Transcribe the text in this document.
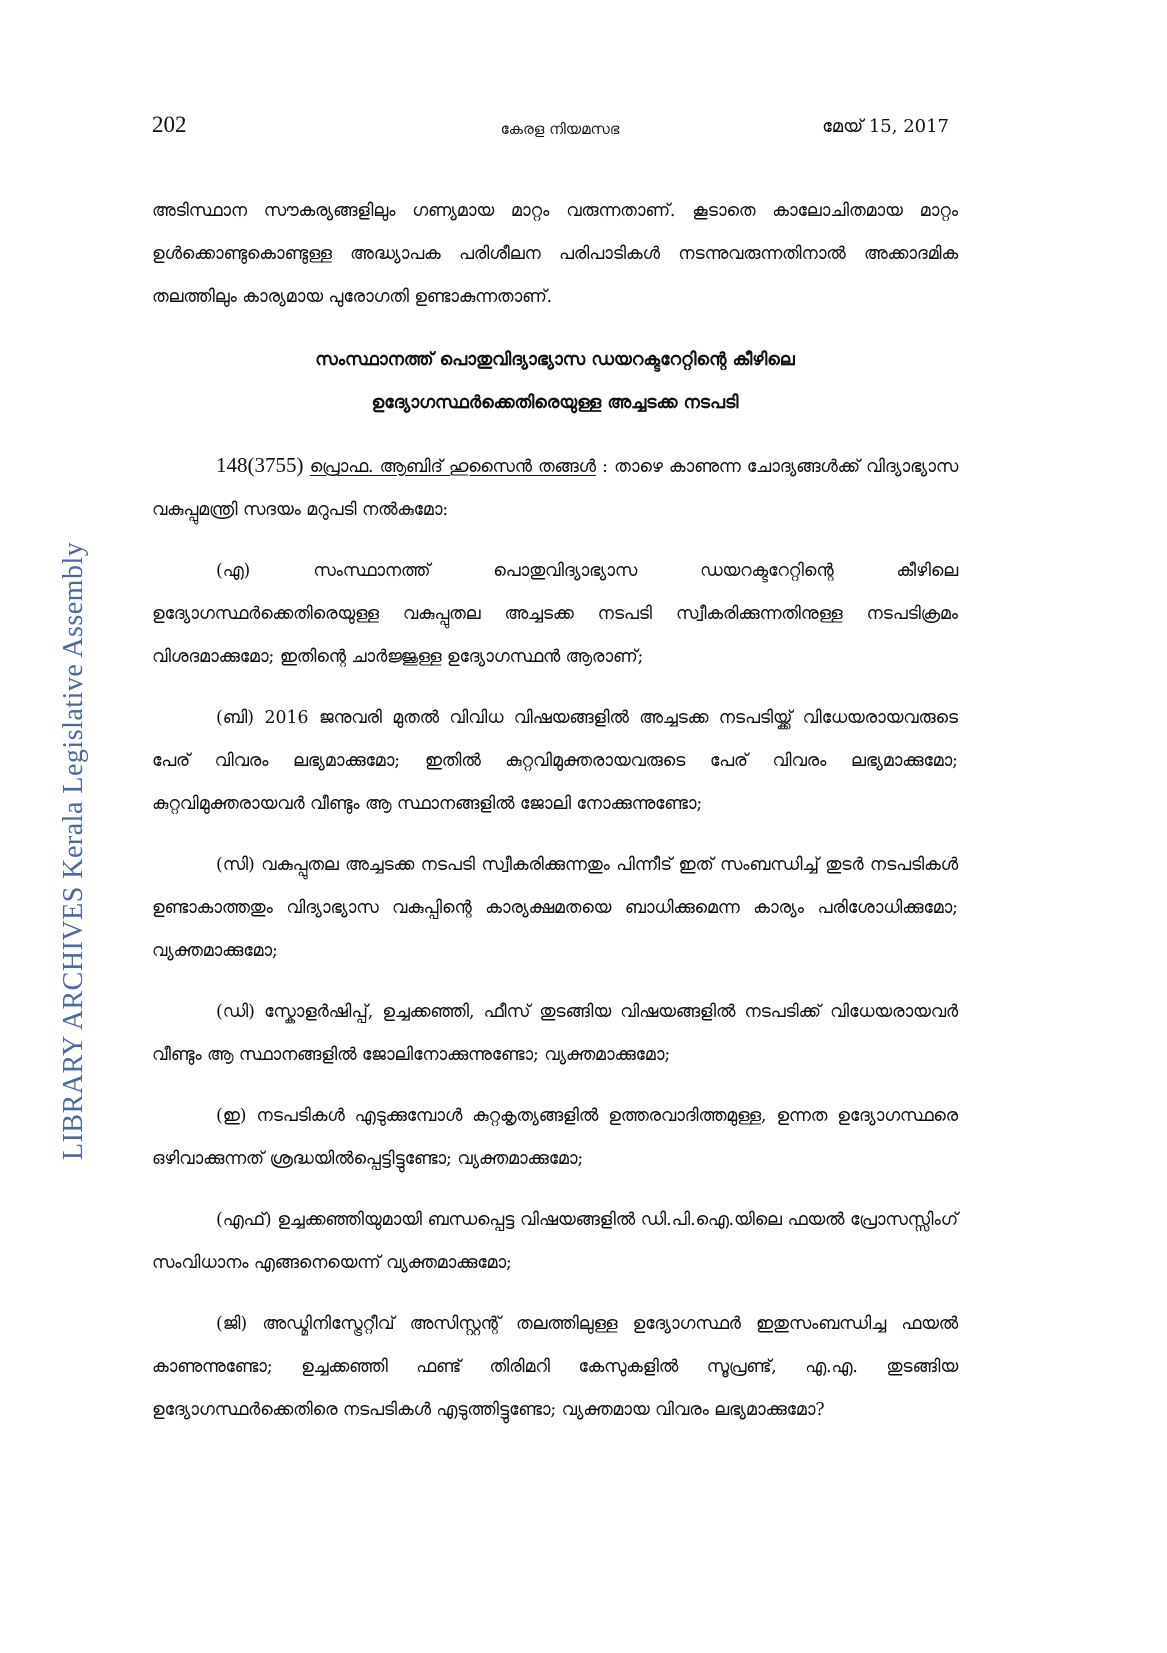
202	കേരള നിയമസഭ	മേയ് 15, 2017
LIBRARY ARCHIVES Kerala Legislative Assembly

അടിസ്ഥാന സൗകര്യങ്ങളിലും ഗണ്യമായ മാറ്റം വരുന്നതാണ്. കൂടാതെ കാലോചിതമായ മാറ്റം ഉൾക്കൊണ്ടുകൊണ്ടുള്ള അദ്ധ്യാപക പരിശീലന പരിപാടികൾ നടന്നുവരുന്നതിനാൽ അക്കാദമിക തലത്തിലും കാര്യമായ പുരോഗതി ഉണ്ടാകുന്നതാണ്.

സംസ്ഥാനത്ത് പൊതുവിദ്യാഭ്യാസ ഡയറക്ടറേറ്റിന്റെ കീഴിലെ
ഉദ്യോഗസ്ഥർക്കെതിരെയുള്ള അച്ചടക്ക നടപടി

148(3755) പ്രൊഫ. ആബിദ് ഹുസൈൻ തങ്ങൾ : താഴെ കാണുന്ന ചോദ്യങ്ങൾക്ക് വിദ്യാഭ്യാസ വകുപ്പുമന്ത്രി സദയം മറുപടി നൽകുമോ:

(എ) സംസ്ഥാനത്ത് പൊതുവിദ്യാഭ്യാസ ഡയറക്ടറേറ്റിന്റെ കീഴിലെ ഉദ്യോഗസ്ഥർക്കെതിരെയുള്ള വകുപ്പുതല അച്ചടക്ക നടപടി സ്വീകരിക്കുന്നതിനുള്ള നടപടിക്രമം വിശദമാക്കുമോ; ഇതിന്റെ ചാർജ്ജുള്ള ഉദ്യോഗസ്ഥൻ ആരാണ്;

(ബി) 2016 ജനുവരി മുതൽ വിവിധ വിഷയങ്ങളിൽ അച്ചടക്ക നടപടിയ്ക്ക് വിധേയരായവരുടെ പേര് വിവരം ലഭ്യമാക്കുമോ; ഇതിൽ കുറ്റവിമുക്തരായവരുടെ പേര് വിവരം ലഭ്യമാക്കുമോ; കുറ്റവിമുക്തരായവർ വീണ്ടും ആ സ്ഥാനങ്ങളിൽ ജോലി നോക്കുന്നുണ്ടോ;

(സി) വകുപ്പുതല അച്ചടക്ക നടപടി സ്വീകരിക്കുന്നതും പിന്നീട് ഇത് സംബന്ധിച്ച് തുടർ നടപടികൾ ഉണ്ടാകാത്തതും വിദ്യാഭ്യാസ വകുപ്പിന്റെ കാര്യക്ഷമതയെ ബാധിക്കുമെന്ന കാര്യം പരിശോധിക്കുമോ; വ്യക്തമാക്കുമോ;

(ഡി) സ്കോളർഷിപ്പ്, ഉച്ചക്കഞ്ഞി, ഫീസ് തുടങ്ങിയ വിഷയങ്ങളിൽ നടപടിക്ക് വിധേയരായവർ വീണ്ടും ആ സ്ഥാനങ്ങളിൽ ജോലിനോക്കുന്നുണ്ടോ; വ്യക്തമാക്കുമോ;

(ഇ) നടപടികൾ എടുക്കുമ്പോൾ കുറ്റകൃത്യങ്ങളിൽ ഉത്തരവാദിത്തമുള്ള, ഉന്നത ഉദ്യോഗസ്ഥരെ ഒഴിവാക്കുന്നത് ശ്രദ്ധയിൽപ്പെട്ടിട്ടുണ്ടോ; വ്യക്തമാക്കുമോ;

(എഫ്) ഉച്ചക്കഞ്ഞിയുമായി ബന്ധപ്പെട്ട വിഷയങ്ങളിൽ ഡി.പി.ഐ.യിലെ ഫയൽ പ്രോസസ്സിംഗ് സംവിധാനം എങ്ങനെയെന്ന് വ്യക്തമാക്കുമോ;

(ജി) അഡ്മിനിസ്ട്രേറ്റീവ് അസിസ്റ്റന്റ് തലത്തിലുള്ള ഉദ്യോഗസ്ഥർ ഇതുസംബന്ധിച്ച ഫയൽ കാണുന്നുണ്ടോ; ഉച്ചക്കഞ്ഞി ഫണ്ട് തിരിമറി കേസുകളിൽ സൂപ്രണ്ട്, എ.എ. തുടങ്ങിയ ഉദ്യോഗസ്ഥർക്കെതിരെ നടപടികൾ എടുത്തിട്ടുണ്ടോ; വ്യക്തമായ വിവരം ലഭ്യമാക്കുമോ?
